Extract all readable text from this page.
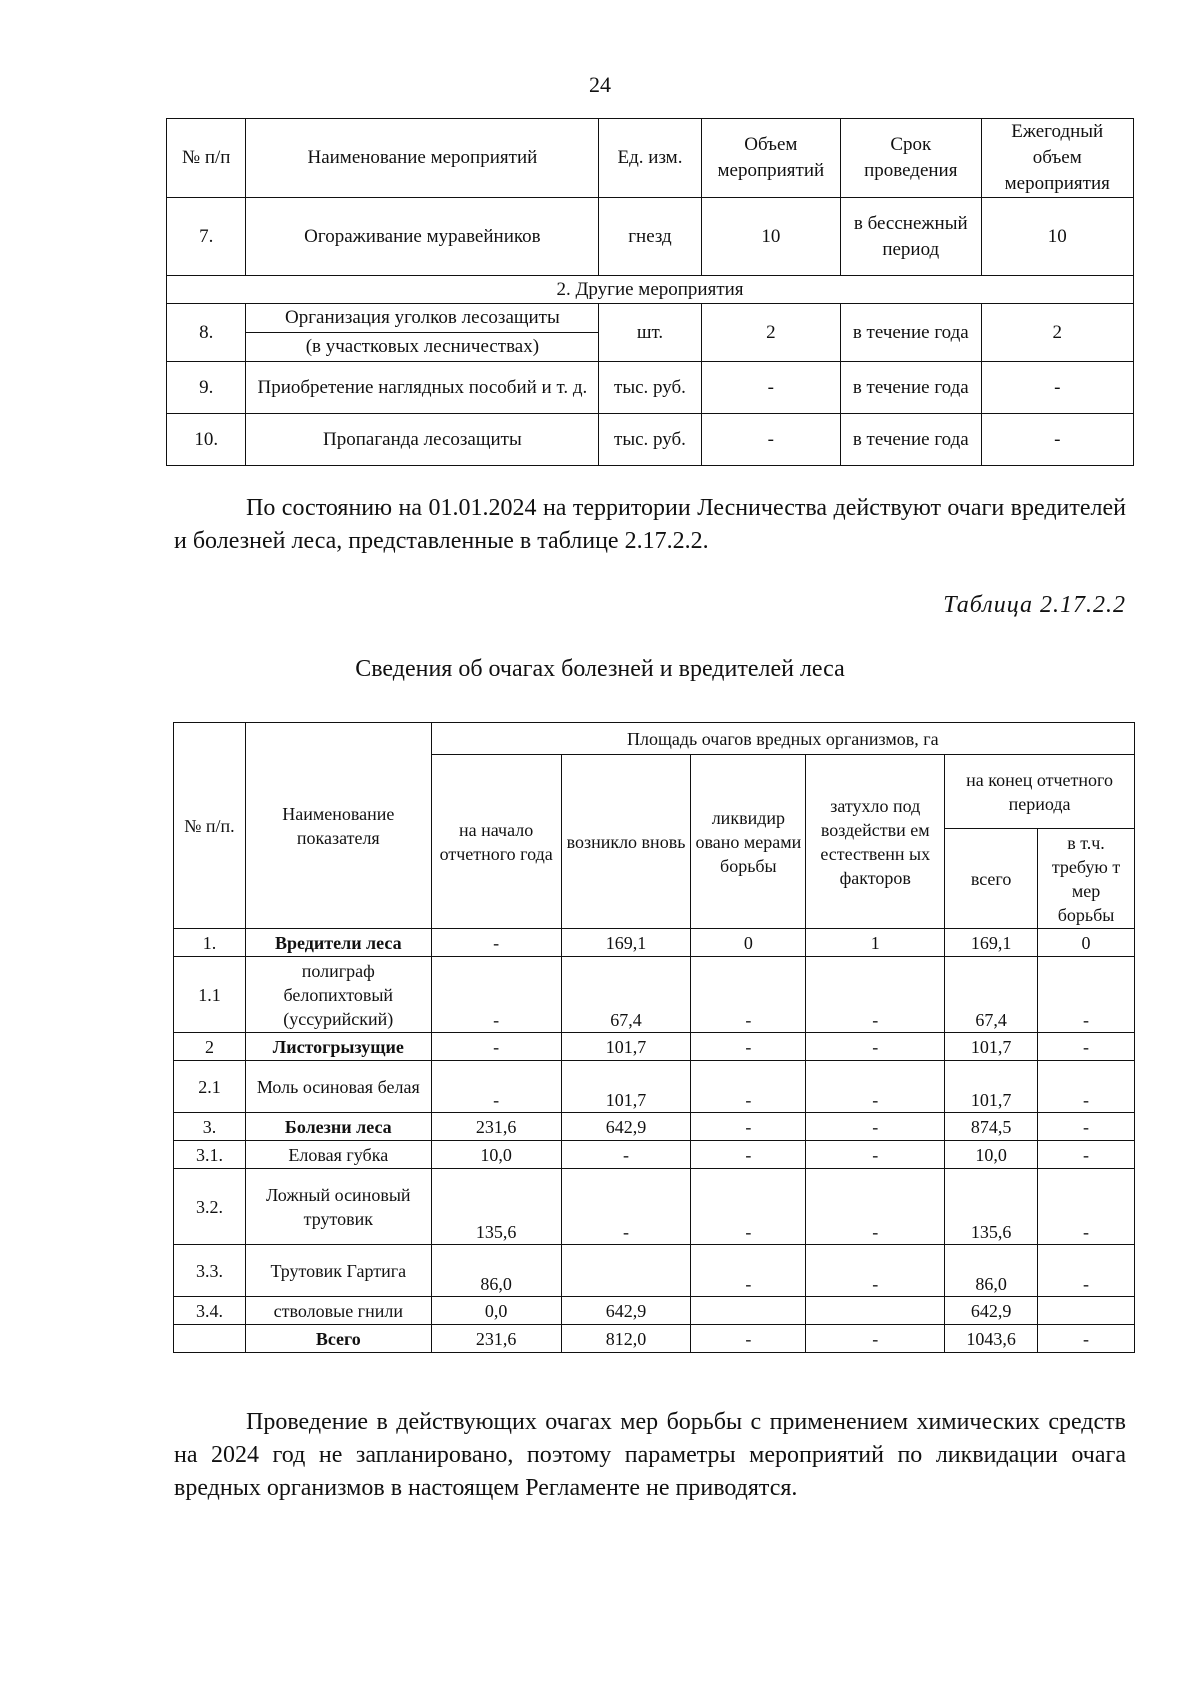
24
№ п/п	Наименование мероприятий	Ед. изм.	Объем мероприятий	Срок проведения	Ежегодный объем мероприятия
7.	Огораживание муравейников	гнезд	10	в бесснежный период	10
2. Другие мероприятия					
8.	Организация уголков лесозащиты	шт.	2	в течение года	2
	(в участковых лесничествах)				
9.	Приобретение наглядных пособий и т. д.	тыс. руб.	-	в течение года	-
10.	Пропаганда лесозащиты	тыс. руб.	-	в течение года	-
По состоянию на 01.01.2024 на территории Лесничества действуют очаги вредителей и болезней леса, представленные в таблице 2.17.2.2.
Таблица 2.17.2.2
Сведения об очагах болезней и вредителей леса
№ п/п.	Наименование показателя	Площадь очагов вредных организмов, га					
		на начало отчетного года	возникло вновь	ликвидир овано мерами борьбы	затухло под воздействи ем естественн ых факторов	на конец отчетного периода	
						всего	в т.ч. требую т мер борьбы
1.	Вредители леса	-	169,1	0	1	169,1	0
1.1	полиграф белопихтовый (уссурийский)	-	67,4	-	-	67,4	-
2	Листогрызущие	-	101,7	-	-	101,7	-
2.1	Моль осиновая белая	-	101,7	-	-	101,7	-
3.	Болезни леса	231,6	642,9	-	-	874,5	-
3.1.	Еловая губка	10,0	-	-	-	10,0	-
3.2.	Ложный осиновый трутовик	135,6	-	-	-	135,6	-
3.3.	Трутовик Гартига	86,0		-	-	86,0	-
3.4.	стволовые гнили	0,0	642,9			642,9	
	Всего	231,6	812,0	-	-	1043,6	-
Проведение в действующих очагах мер борьбы с применением химических средств на 2024 год не запланировано, поэтому параметры мероприятий по ликвидации очага вредных организмов в настоящем Регламенте не приводятся.
